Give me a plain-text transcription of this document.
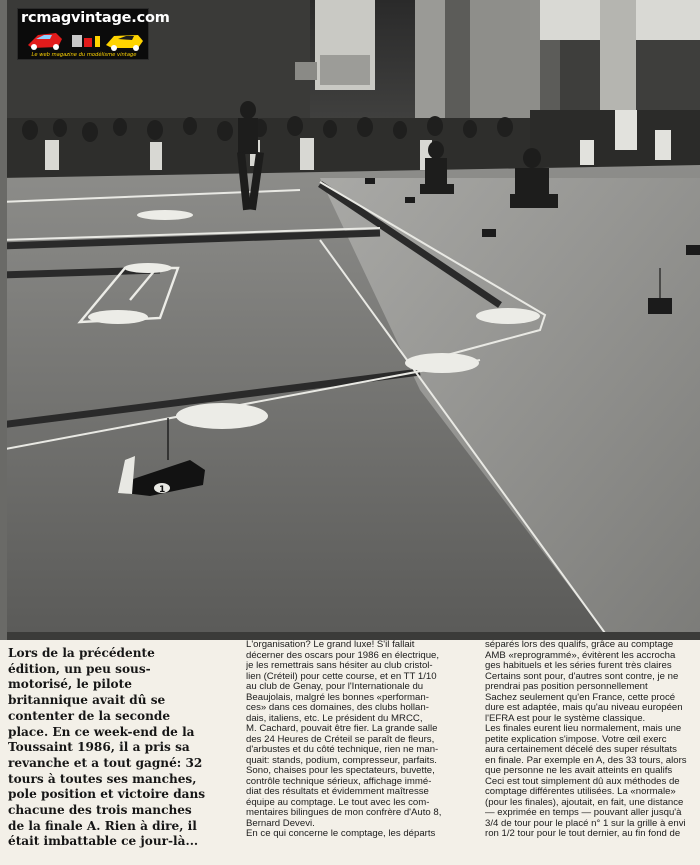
1
rcmagvintage.com
Le web magazine du modélisme vintage
Lors de la précédente
édition, un peu sous-
motorisé, le pilote
britannique avait dû se
contenter de la seconde
place. En ce week-end de la
Toussaint 1986, il a pris sa
revanche et a tout gagné: 32
tours à toutes ses manches,
pole position et victoire dans
chacune des trois manches
de la finale A. Rien à dire, il
était imbattable ce jour-là...
L'organisation? Le grand luxe! S'il fallait
décerner des oscars pour 1986 en électrique,
je les remettrais sans hésiter au club cristol-
lien (Créteil) pour cette course, et en TT 1/10
au club de Genay, pour l'Internationale du
Beaujolais, malgré les bonnes «performan-
ces» dans ces domaines, des clubs hollan-
dais, italiens, etc. Le président du MRCC,
M. Cachard, pouvait être fier. La grande salle
des 24 Heures de Créteil se paraît de fleurs,
d'arbustes et du côté technique, rien ne man-
quait: stands, podium, compresseur, parfaits.
Sono, chaises pour les spectateurs, buvette,
contrôle technique sérieux, affichage immé-
diat des résultats et évidemment maîtresse
équipe au comptage. Le tout avec les com-
mentaires bilingues de mon confrère d'Auto 8,
Bernard Devevi.
En ce qui concerne le comptage, les départs
séparés lors des qualifs, grâce au comptage
AMB «reprogrammé», évitèrent les accrocha
ges habituels et les séries furent très claires
Certains sont pour, d'autres sont contre, je ne
prendrai pas position personnellement
Sachez seulement qu'en France, cette procé
dure est adaptée, mais qu'au niveau européen
l'EFRA est pour le système classique.
Les finales eurent lieu normalement, mais une
petite explication s'impose. Votre œil exerc
aura certainement décelé des super résultats
en finale. Par exemple en A, des 33 tours, alors
que personne ne les avait atteints en qualifs
Ceci est tout simplement dû aux méthodes de
comptage différentes utilisées. La «normale»
(pour les finales), ajoutait, en fait, une distance
— exprimée en temps — pouvant aller jusqu'à
3/4 de tour pour le placé n° 1 sur la grille à envi
ron 1/2 tour pour le tout dernier, au fin fond de
